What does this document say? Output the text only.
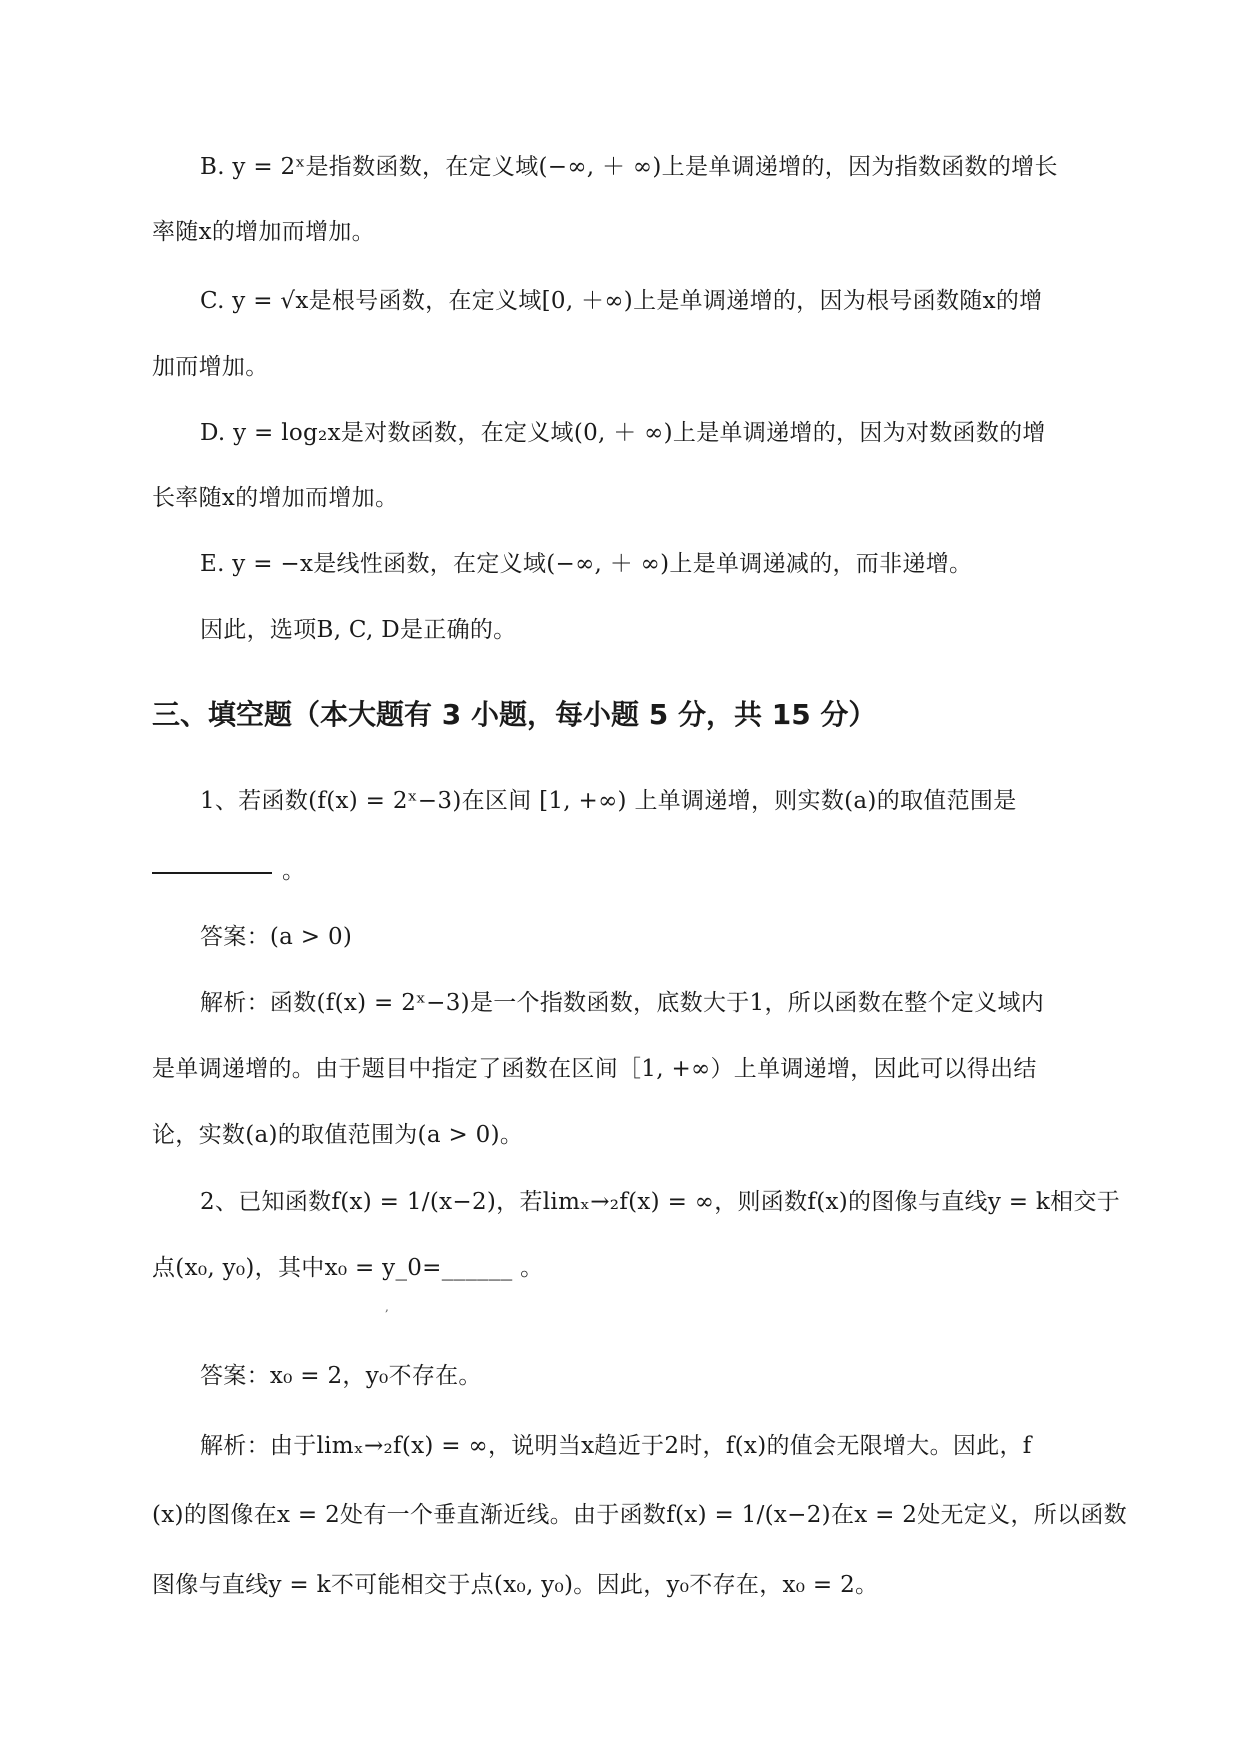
B. y = 2ˣ是指数函数，在定义域(−∞, ＋ ∞)上是单调递增的，因为指数函数的增长
率随x的增加而增加。
C. y = √x是根号函数，在定义域[0, ＋∞)上是单调递增的，因为根号函数随x的增
加而增加。
D. y = log₂x是对数函数，在定义域(0, ＋ ∞)上是单调递增的，因为对数函数的增
长率随x的增加而增加。
E. y = −x是线性函数，在定义域(−∞, ＋ ∞)上是单调递减的，而非递增。
因此，选项B, C, D是正确的。
三、填空题（本大题有 3 小题，每小题 5 分，共 15 分）
1、若函数(f(x) = 2ˣ−3)在区间 [1, +∞) 上单调递增，则实数(a)的取值范围是
。
答案：(a > 0)
解析：函数(f(x) = 2ˣ−3)是一个指数函数，底数大于1，所以函数在整个定义域内
是单调递增的。由于题目中指定了函数在区间［1, +∞）上单调递增，因此可以得出结
论，实数(a)的取值范围为(a > 0)。
2、已知函数f(x) = 1/(x−2)，若limₓ→₂f(x) = ∞，则函数f(x)的图像与直线y = k相交于
点(x₀, y₀)，其中x₀ = y_0=______ 。
,
答案：x₀ = 2，y₀不存在。
解析：由于limₓ→₂f(x) = ∞，说明当x趋近于2时，f(x)的值会无限增大。因此，f
(x)的图像在x = 2处有一个垂直渐近线。由于函数f(x) = 1/(x−2)在x = 2处无定义，所以函数
图像与直线y = k不可能相交于点(x₀, y₀)。因此，y₀不存在，x₀ = 2。
